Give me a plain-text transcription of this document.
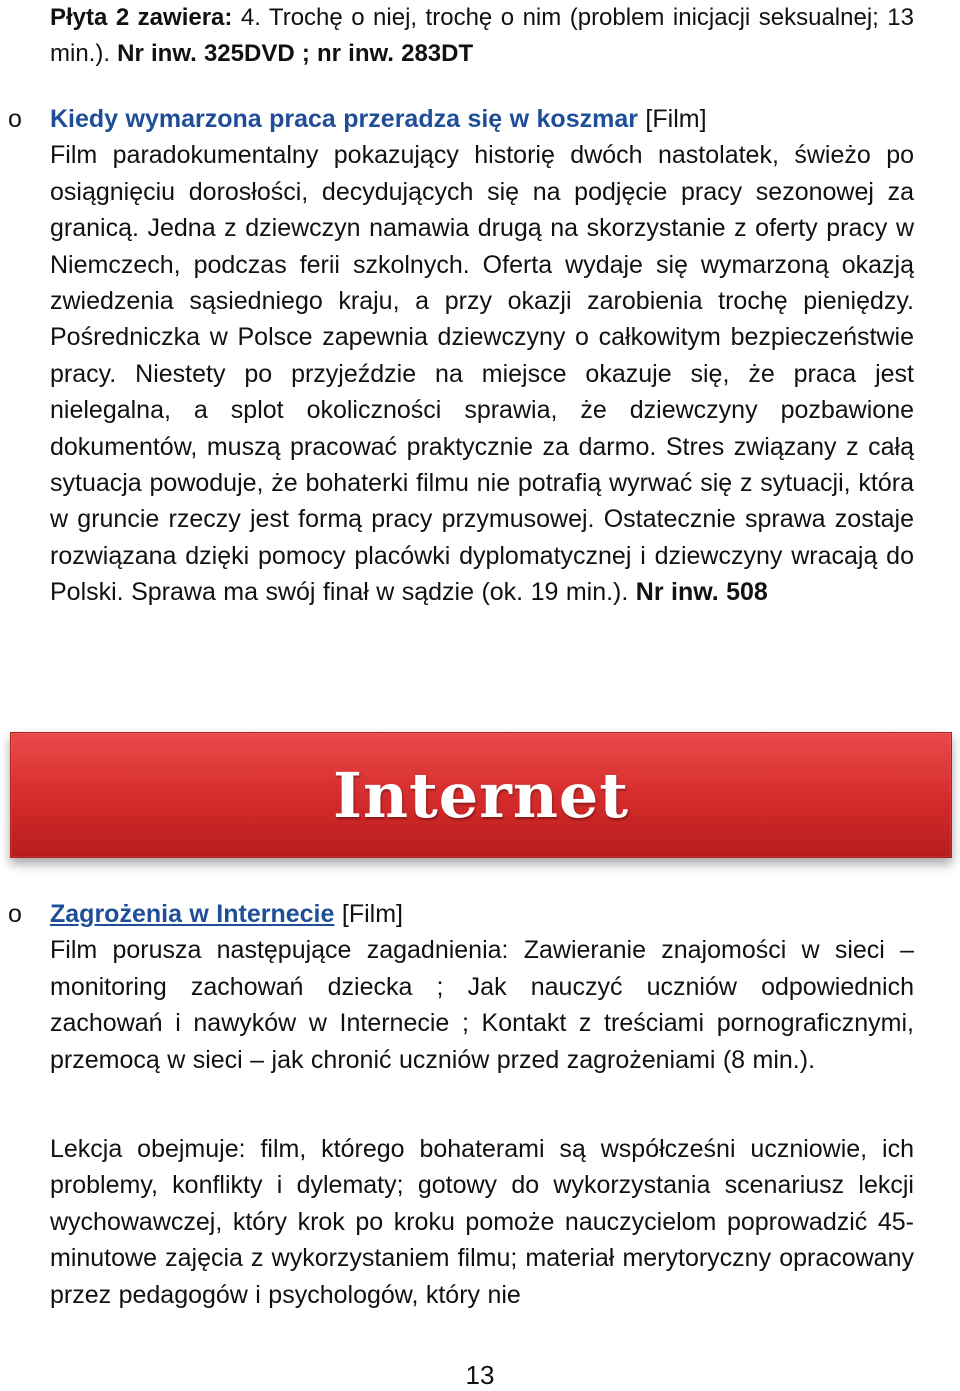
Płyta 2 zawiera: 4. Trochę o niej, trochę o nim (problem inicjacji seksualnej; 13 min.). Nr inw. 325DVD ; nr inw. 283DT
o Kiedy wymarzona praca przeradza się w koszmar [Film]
Film paradokumentalny pokazujący historię dwóch nastolatek, świeżo po osiągnięciu dorosłości, decydujących się na podjęcie pracy sezonowej za granicą. Jedna z dziewczyn namawia drugą na skorzystanie z oferty pracy w Niemczech, podczas ferii szkolnych. Oferta wydaje się wymarzoną okazją zwiedzenia sąsiedniego kraju, a przy okazji zarobienia trochę pieniędzy. Pośredniczka w Polsce zapewnia dziewczyny o całkowitym bezpieczeństwie pracy. Niestety po przyjeździe na miejsce okazuje się, że praca jest nielegalna, a splot okoliczności sprawia, że dziewczyny pozbawione dokumentów, muszą pracować praktycznie za darmo. Stres związany z całą sytuacja powoduje, że bohaterki filmu nie potrafią wyrwać się z sytuacji, która w gruncie rzeczy jest formą pracy przymusowej. Ostatecznie sprawa zostaje rozwiązana dzięki pomocy placówki dyplomatycznej i dziewczyny wracają do Polski. Sprawa ma swój finał w sądzie (ok. 19 min.). Nr inw. 508
Internet
o Zagrożenia w Internecie [Film]
Film porusza następujące zagadnienia: Zawieranie znajomości w sieci – monitoring zachowań dziecka ; Jak nauczyć uczniów odpowiednich zachowań i nawyków w Internecie ; Kontakt z treściami pornograficznymi, przemocą w sieci – jak chronić uczniów przed zagrożeniami (8 min.).
Lekcja obejmuje: film, którego bohaterami są współcześni uczniowie, ich problemy, konflikty i dylematy; gotowy do wykorzystania scenariusz lekcji wychowawczej, który krok po kroku pomoże nauczycielom poprowadzić 45-minutowe zajęcia z wykorzystaniem filmu; materiał merytoryczny opracowany przez pedagogów i psychologów, który nie
13
